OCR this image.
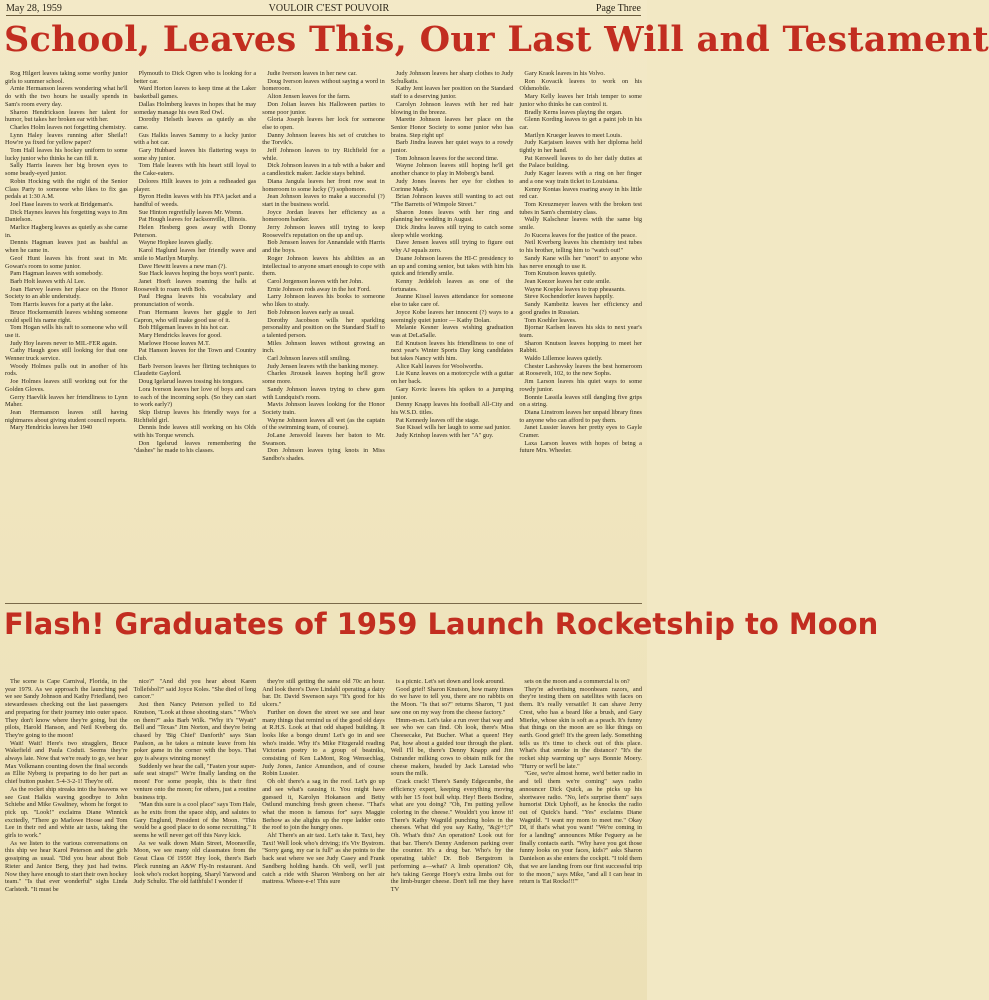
May 28, 1959	VOULOIR C'EST POUVOIR	Page Three
School, Leaves This, Our Last Will and Testament

Rog Hilgert leaves taking some worthy junior girls to summer school.

Arnie Hermanson leaves wondering what he'll do with the two hours he usually spends in Sam's room every day.

Sharon Hendrickson leaves her talent for humor, but takes her broken ear with her.

Charles Holm leaves not forgetting chemistry.

Lynn Haley leaves running after Sheila!! How're ya fixed for yellow paper?

Tom Hall leaves his hockey uniform to some lucky junior who thinks he can fill it.

Sally Harris leaves her big brown eyes to some beady-eyed junior.

Robin Hocking with the night of the Senior Class Party to someone who likes to fix gas pedals at 1:30 A.M.

Joel Hase leaves to work at Bridgeman's.

Dick Haynes leaves his forgetting ways to Jim Danielson.

Marlice Hagberg leaves as quietly as she came in.

Dennis Hagman leaves just as bashful as when he came in.

Geof Hunt leaves his front seat in Mr. Gowan's room to some junior.

Pam Hagman leaves with somebody.

Barb Holt leaves with Al Lee.

Joan Harvey leaves her place on the Honor Society to an able understudy.

Tom Harris leaves for a party at the lake.

Bruce Hockemsmith leaves wishing someone could spell his name right.

Tom Hogan wills his raft to someone who will use it.

Judy Hoy leaves never to MIL-FER again.

Cathy Haugh goes still looking for that one Wenner truck service.

Woody Holmes pulls out in another of his rods.

Joe Holmes leaves still working out for the Golden Gloves.

Gerry Haevlik leaves her friendliness to Lynn Maher.

Jean Hermanson leaves still having nightmares about giving student council reports.

Mary Hendricks leaves her 1940

Plymouth to Dick Ogren who is looking for a better car.

Ward Horton leaves to keep time at the Laker basketball games.

Dallas Holmberg leaves in hopes that he may someday manage his own Red Owl.

Dorothy Helseth leaves as quietly as she came.

Gus Halkis leaves Sammy to a lucky junior with a hot car.

Gary Hubbard leaves his flattering ways to some shy junior.

Tom Hale leaves with his heart still loyal to the Cake-eaters.

Dolores Hillt leaves to join a redheaded gas player.

Byron Hedin leaves with his FFA jacket and a handful of weeds.

Sue Hinton regretfully leaves Mr. Wrenn.

Pat Hough leaves for Jacksonville, Illinois.

Helen Hesberg goes away with Donny Peterson.

Wayne Hopkee leaves gladly.

Karol Haglund leaves her friendly wave and smile to Marilyn Murphy.

Dave Hewitt leaves a new man (?).

Sue Hack leaves hoping the boys won't panic.

Janet Hoeft leaves roaming the halls at Roosevelt to roam with Bob.

Paul Hegna leaves his vocabulary and pronunciation of words.

Fran Hermann leaves her giggle to Jeri Capron, who will make good use of it.

Bob Hilgeman leaves in his hot car.

Mary Hendricks leaves for good.

Marlowe Hoose leaves M.T.

Pat Hanson leaves for the Town and Country Club.

Barb Iverson leaves her flirting techniques to Claudette Gaylord.

Doug Igelarud leaves tossing his tongues.

Lora Iverson leaves her love of boys and cars to each of the incoming soph. (So they can start to work early?)

Skip Ilstrup leaves his friendly ways for a Richfield girl.

Dennis Inde leaves still working on his Olds with his Torque wrench.

Don Igelsrud leaves remembering the "dashes" he made to his classes.

Judie Iverson leaves in her new car.

Doug Iverson leaves without saying a word in homeroom.

Alton Jensen leaves for the farm.

Don Jolian leaves his Halloween parties to some poor junior.

Gloria Joseph leaves her lock for someone else to open.

Danny Johnson leaves his set of crutches to the Torvik's.

Jeff Johnson leaves to try Richfield for a while.

Dick Johnson leaves in a tub with a baker and a candlestick maker. Jackie stays behind.

Diana Jangula leaves her front row seat in homeroom to some lucky (?) sophomore.

Jean Johnson leaves to make a successful (?) start in the business world.

Joyce Jordan leaves her efficiency as a homeroom banker.

Jerry Johnson leaves still trying to keep Roosevelt's reputation on the up and up.

Bob Jenssen leaves for Annandale with Harris and the boys.

Roger Johnson leaves his abilities as an intellectual to anyone smart enough to cope with them.

Carol Jorgenson leaves with her John.

Ernie Johnson rods away in the hot Ford.

Larry Johnson leaves his books to someone who likes to study.

Bob Johnson leaves early as usual.

Dorothy Jacobson wills her sparkling personality and position on the Standard Staff to a talented person.

Miles Johnson leaves without growing an inch.

Carl Johnson leaves still smiling.

Judy Jensen leaves with the banking money.

Charles Jirousek leaves hoping he'll grow some more.

Sandy Johnson leaves trying to chew gum with Lundquist's room.

Mavis Johnson leaves looking for the Honor Society train.

Wayne Johnson leaves all wet (as the captain of the swimming team, of course).

JoLane Jensvold leaves her baton to Mr. Swanson.

Don Johnson leaves tying knots in Miss Sandbo's shades.

Judy Johnson leaves her sharp clothes to Judy Schulkatis.

Kathy Jent leaves her position on the Standard staff to a deserving junior.

Carolyn Johnson leaves with her red hair blowing in the breeze.

Marette Johnson leaves her place on the Senior Honor Society to some junior who has brains. Step right up!

Barb Jindra leaves her quiet ways to a rowdy junior.

Tom Johnson leaves for the second time.

Wayne Johnson leaves still hoping he'll get another chance to play in Moberg's band.

Judy Jones leaves her eye for clothes to Corinne Mady.

Brian Johnson leaves still wanting to act out "The Barretts of Wimpole Street."

Sharon Jones leaves with her ring and planning her wedding in August.

Dick Jindra leaves still trying to catch some sleep while working.

Dave Jensen leaves still trying to figure out why AJ equals zero.

Duane Johnson leaves the HI-C presidency to an up and coming senior, but takes with him his quick and friendly smile.

Kenny Jeddeloh leaves as one of the fortunates.

Jeanne Kissel leaves attendance for someone else to take care of.

Joyce Kobe leaves her innocent (?) ways to a seemingly quiet junior — Kathy Dolan.

Melanie Kesner leaves wishing graduation was at DeLaSalle.

Ed Knutson leaves his friendliness to one of next year's Winter Sports Day king candidates but takes Nancy with him.

Alice Kahl leaves for Woolworths.

Lie Kunz leaves on a motorcycle with a guitar on her back.

Gary Kovic leaves his spikes to a jumping junior.

Denny Knapp leaves his football All-City and his W.S.D. titles.

Pat Kennedy leaves off the stage.

Sue Kissel wills her laugh to some sad junior.

Judy Krinhop leaves with her "A" guy.

Gary Kraok leaves in his Volvo.

Ron Kovacik leaves to work on his Oldsmobile.

Mary Kelly leaves her Irish temper to some junior who thinks he can control it.

Bradly Kerns leaves playing the organ.

Glenn Kording leaves to get a paint job in his car.

Marilyn Krueger leaves to meet Louis.

Judy Karjaisen leaves with her diploma held tightly in her hand.

Pat Kerswell leaves to do her daily duties at the Palace building.

Judy Kager leaves with a ring on her finger and a one way train ticket to Louisiana.

Kenny Kontas leaves roaring away in his little red car.

Tom Kreuzmeyer leaves with the broken test tubes in Sam's chemistry class.

Wally Kalscheur leaves with the same big smile.

Jo Kucera leaves for the justice of the peace.

Neil Kverberg leaves his chemistry test tubes to his brother, telling him to "watch out!"

Sandy Kane wills her "snort" to anyone who has nerve enough to use it.

Tom Knutson leaves quietly.

Jean Keezer leaves her cute smile.

Wayne Koepke leaves to trap pheasants.

Steve Kochendorfer leaves happily.

Sandy Kambeitz leaves her efficiency and good grades in Russian.

Tom Koehler leaves.

Bjornar Karlsen leaves his skis to next year's team.

Sharon Knutson leaves hopping to meet her Rabbit.

Waldo Lillemoe leaves quietly.

Chester Lashovsky leaves the best homeroom at Roosevelt, 102, to the new Sophs.

Jim Larson leaves his quiet ways to some rowdy junior.

Bonnie Lassila leaves still dangling five grips on a string.

Diana Linstrom leaves her unpaid library fines to anyone who can afford to pay them.

Janet Lussier leaves her pretty eyes to Gayle Cramer.

Laxa Larson leaves with hopes of being a future Mrs. Wheeler.

Flash! Graduates of 1959 Launch Rocketship to Moon

The scene is Cape Carnival, Florida, in the year 1979. As we approach the launching pad we see Sandy Johnson and Kathy Friedland, two stewardesses checking out the last passengers and preparing for their journey into outer space. They don't know where they're going, but the pilots, Harold Hanson, and Neil Kveberg do. They're going to the moon!

Wait! Wait! Here's two stragglers, Bruce Wakefield and Paula Coduti. Seems they're always late. Now that we're ready to go, we hear Max Volkmann counting down the final seconds as Ellie Nyberg is preparing to do her part as chief button pusher. 5-4-3-2-1! They're off.

As the rocket ship streaks into the heavens we see Gust Halkis waving goodbye to John Schiebe and Mike Gwaltney, whom he forgot to pick up. "Look!" exclaims Diane Winnick excitedly, "There go Marlowe Hoose and Tom Lee in their red and white air taxis, taking the girls to work."

As we listen to the various conversations on this ship we hear Karol Peterson and the girls gossiping as usual. "Did you hear about Bob Rieter and Janice Berg, they just had twins. Now they have enough to start their own hockey team." "Is that ever wonderful" sighs Linda Carlstedt. "It must be

nice?" "And did you hear about Karen Tollefsbol?" said Joyce Koles. "She died of long cancer."

Just then Nancy Peterson yelled to Ed Knutson, "Look at those shooting stars." "Who's on them?" asks Barb Wilk. "Why it's "Wyatt" Bell and "Texas" Jim Norton, and they're being chased by 'Big Chief' Danforth" says Stan Paulson, as he takes a minute leave from his poker game in the corner with the boys. That guy is always winning money!

Suddenly we hear the call, "Fasten your super-safe seat straps!" We're finally landing on the moon! For some people, this is their first venture onto the moon; for others, just a routine business trip.

"Man this sure is a cool place" says Tom Hale, as he exits from the space ship, and salutes to Gary Englund, President of the Moon. "This would be a good place to do some recruiting." It seems he will never get off this Navy kick.

As we walk down Main Street, Moonsville, Moon, we see many old classmates from the Great Class Of 1959! Hey look, there's Barb Pleck running an A&W Fly-In restaurant. And look who's rocket hopping, Sharyl Yarwood and Judy Schultz. The old faithfuls! I wonder if

they're still getting the same old 70c an hour. And look there's Dave Lindahl operating a dairy bar. Dr. David Swenson says "It's good for his ulcers."

Further on down the street we see and hear many things that remind us of the good old days at R.H.S. Look at that odd shaped building. It looks like a bongo drum! Let's go in and see who's inside. Why it's Mike Fitzgerald reading Victorian poetry to a group of beatniks, consisting of Ken LaMont, Rog Wensechlag, Judy Jones, Janice Amundson, and of course Robin Lussier.

Oh oh! there's a sag in the roof. Let's go up and see what's causing it. You might have guessed it, Karolyn Hokanson and Betty Ostlund munching fresh green cheese. "That's what the moon is famous for" says Maggie Berhow as she alights up the rope ladder onto the roof to join the hungry ones.

Ah! There's an air taxi. Let's take it. Taxi, hey Taxi! Well look who's driving; it's Viv Bystrom. "Sorry gang, my car is full" as she points to the back seat where we see Judy Casey and Frank Sandberg holding hands. Oh well, we'll just catch a ride with Sharon Wenborg on her air mattress. Wheee-e-e! This sure

is a picnic. Let's set down and look around.

Good grief! Sharon Knutson, how many times do we have to tell you, there are no rabbits on the Moon. "Is that so?" returns Sharon, "I just saw one on my way from the cheese factory."

Hmm-m-m. Let's take a run over that way and see who we can find. Oh look, there's Miss Cheesecake, Pat Bucher. What a queen! Hey Pat, how about a guided tour through the plant. Well I'll be, there's Denny Knapp and Jim Ostrander milking cows to obtain milk for the cheese makers, headed by Jack Lanstad who sours the milk.

Crack crack! There's Sandy Edgecumbe, the efficiency expert, keeping everything moving with her 15 foot bull whip. Hey! Beets Bodine, what are you doing? "Oh, I'm putting yellow coloring in the cheese." Wouldn't you know it! There's Kathy Wagnild punching holes in the cheeses. What did you say Kathy, "&@+!;?" Oh. What's this? An operation? Look out for that bar. There's Denny Anderson parking over the counter. It's a drug bar. Who's by the operating table? Dr. Bob Bergstrom is performing a—what? A limb operation? Oh, he's taking George Hoey's extra limbs out for the limb-burger cheese. Don't tell me they have TV

sets on the moon and a commercial is on?

They're advertising moonbeam razors, and they're testing them on satellites with faces on them. It's really versatile! It can shave Jerry Crest, who has a beard like a brush, and Gary Mierke, whose skin is soft as a peach. It's funny that things on the moon are so like things on earth. Good grief! It's the green lady. Something tells us it's time to check out of this place. What's that smoke in the distance? "It's the rocket ship warming up" says Bonnie Moery. "Hurry or we'll be late."

"Gee, we're almost home, we'd better radio in and tell them we're coming" says radio announcer Dick Quick, as he picks up his shortwave radio. "No, let's surprise them" says humorist Dick Uphoff, as he knocks the radio out of Quick's hand. "Yes" exclaims Diane Wagnild. "I want my mom to meet me." Okay DI, if that's what you want! "We're coming in for a landing" announces Mike Feguery as he finally contacts earth. "Why have you got those funny looks on your faces, kids?" asks Sharon Danielson as she enters the cockpit. "I told them that we are landing from our first successful trip to the moon," says Mike, "and all I can hear in return is 'Eat Rocks!!!'"
